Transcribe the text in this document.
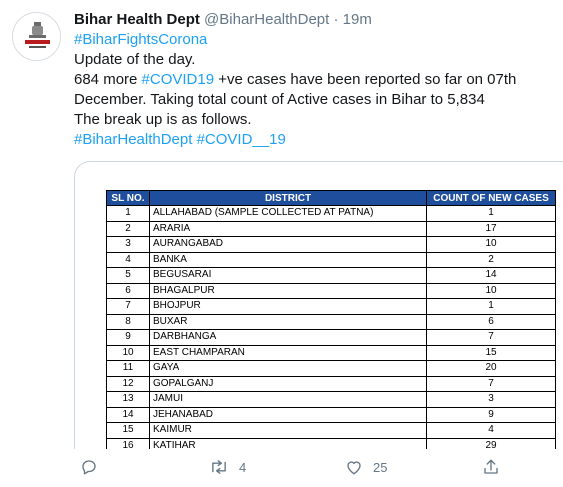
Bihar Health Dept @BiharHealthDept · 19m
#BiharFightsCorona
Update of the day.
684 more #COVID19 +ve cases have been reported so far on 07th
December. Taking total count of Active cases in Bihar to 5,834
The break up is as follows.
#BiharHealthDept #COVID__19
SL NO.	DISTRICT	COUNT OF NEW CASES
1	ALLAHABAD (SAMPLE COLLECTED AT PATNA)	1
2	ARARIA	17
3	AURANGABAD	10
4	BANKA	2
5	BEGUSARAI	14
6	BHAGALPUR	10
7	BHOJPUR	1
8	BUXAR	6
9	DARBHANGA	7
10	EAST CHAMPARAN	15
11	GAYA	20
12	GOPALGANJ	7
13	JAMUI	3
14	JEHANABAD	9
15	KAIMUR	4
16	KATIHAR	29
4	25
